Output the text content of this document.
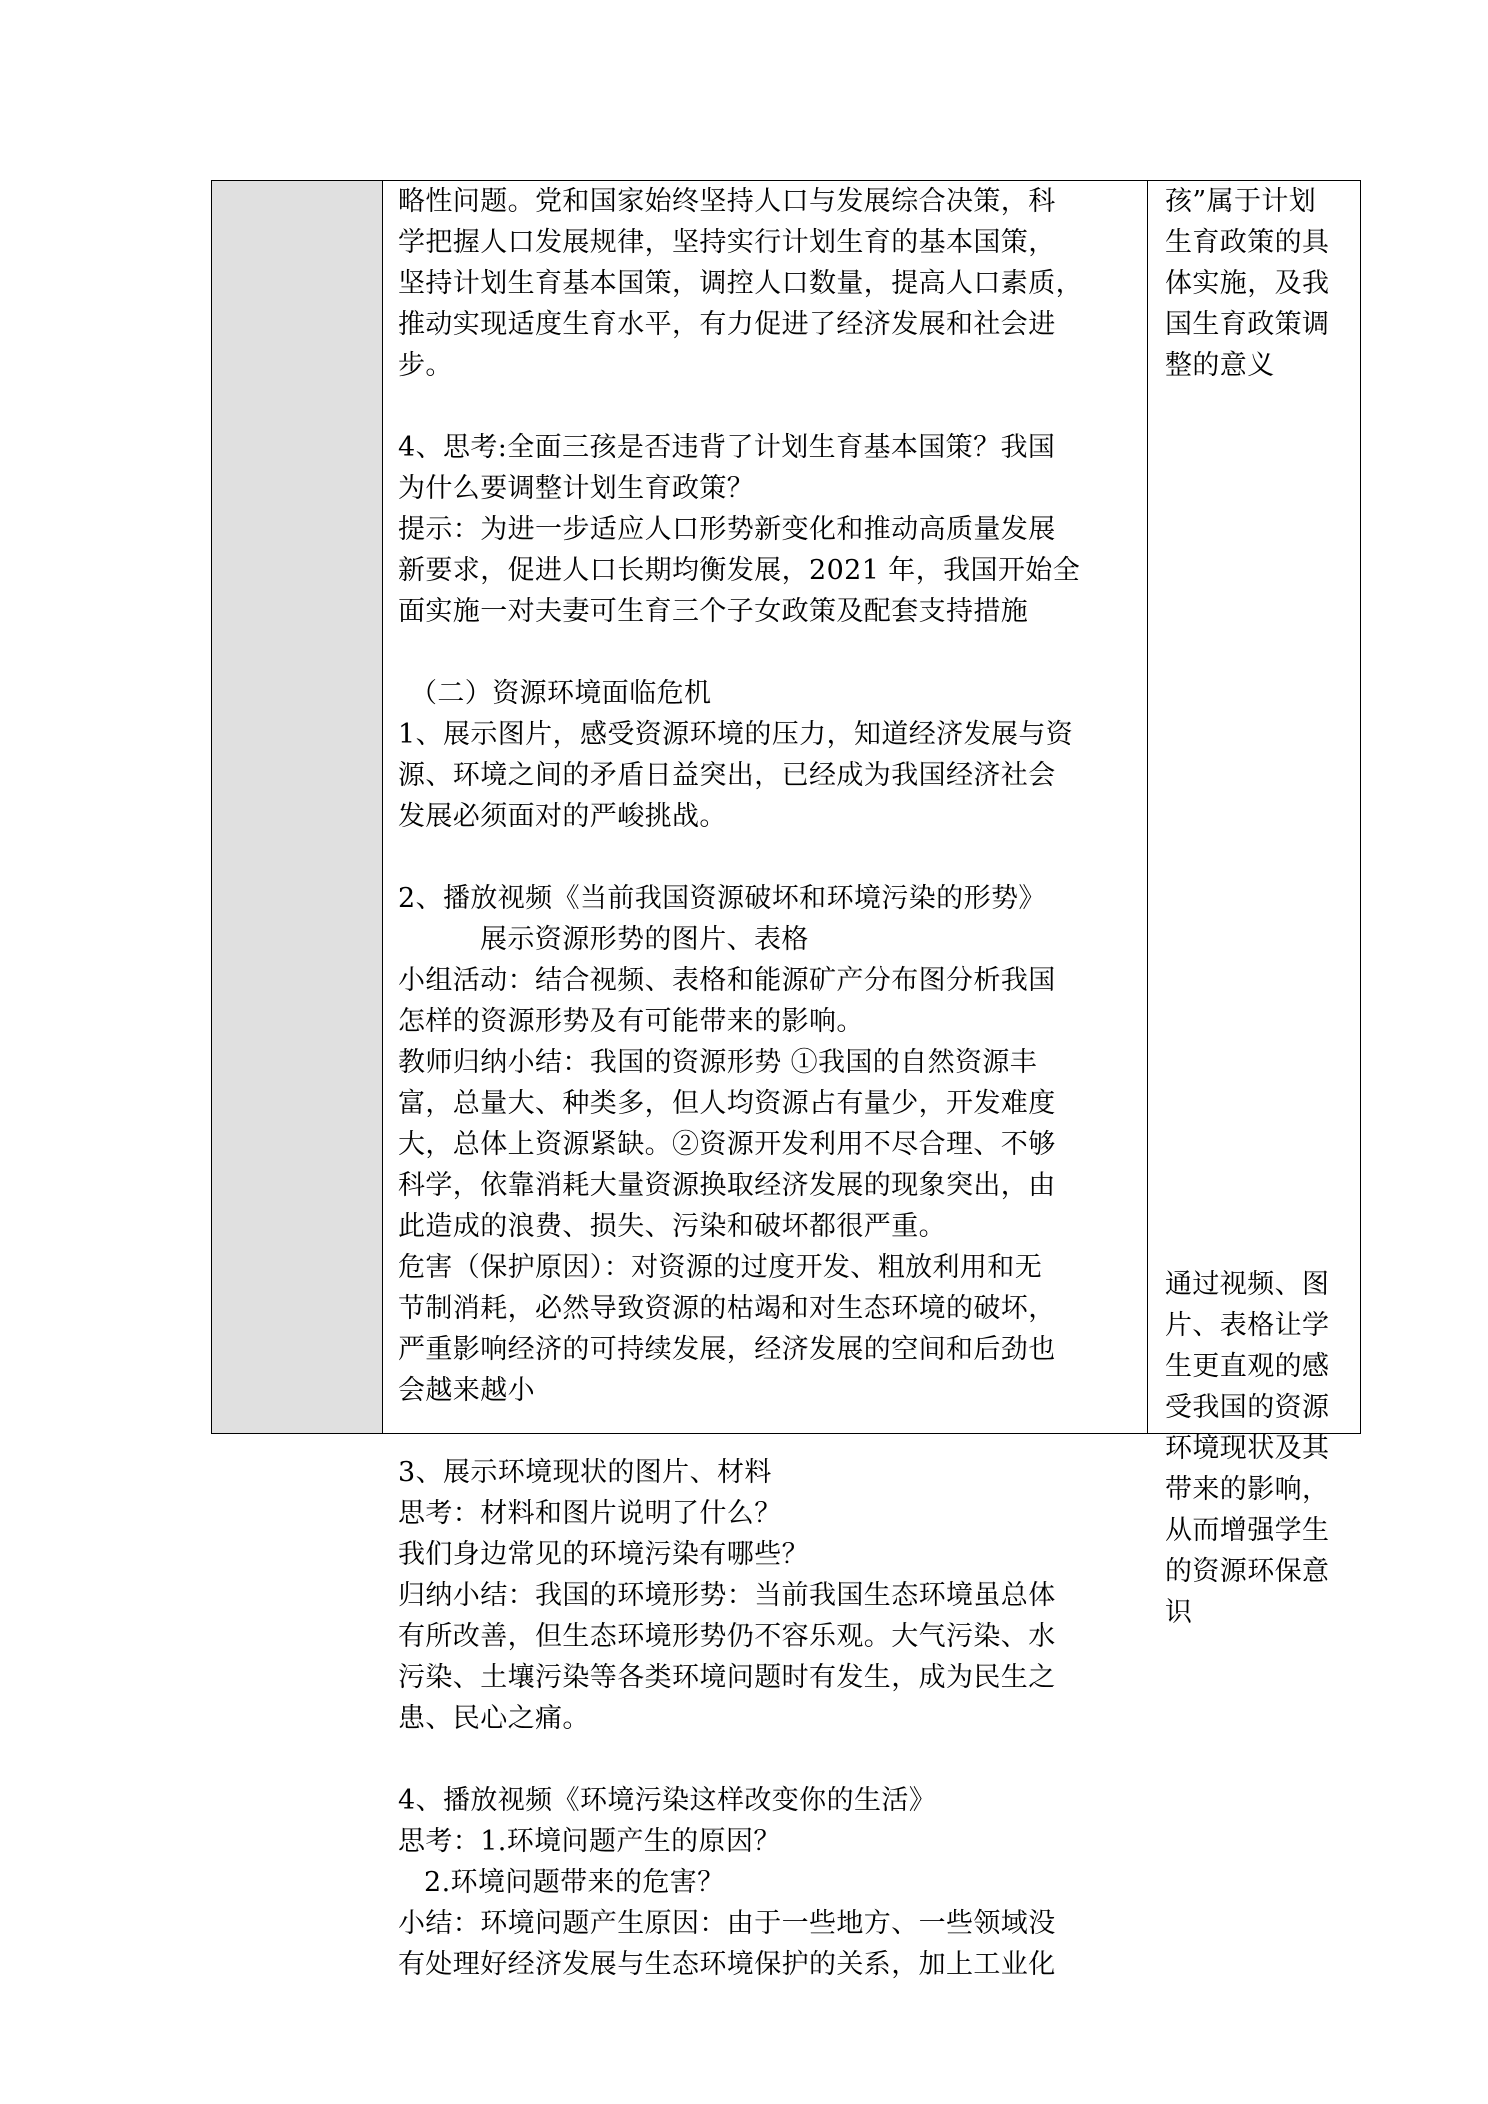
略性问题。党和国家始终坚持人口与发展综合决策，科
学把握人口发展规律，坚持实行计划生育的基本国策，
坚持计划生育基本国策，调控人口数量，提高人口素质，
推动实现适度生育水平，有力促进了经济发展和社会进
步。
4、思考:全面三孩是否违背了计划生育基本国策？我国
为什么要调整计划生育政策？
提示：为进一步适应人口形势新变化和推动高质量发展
新要求，促进人口长期均衡发展，2021 年，我国开始全
面实施一对夫妻可生育三个子女政策及配套支持措施
（二）资源环境面临危机
1、展示图片，感受资源环境的压力，知道经济发展与资
源、环境之间的矛盾日益突出，已经成为我国经济社会
发展必须面对的严峻挑战。
2、播放视频《当前我国资源破坏和环境污染的形势》
展示资源形势的图片、表格
小组活动：结合视频、表格和能源矿产分布图分析我国
怎样的资源形势及有可能带来的影响。
教师归纳小结：我国的资源形势 ①我国的自然资源丰
富，总量大、种类多，但人均资源占有量少，开发难度
大，总体上资源紧缺。②资源开发利用不尽合理、不够
科学，依靠消耗大量资源换取经济发展的现象突出，由
此造成的浪费、损失、污染和破坏都很严重。
危害（保护原因）：对资源的过度开发、粗放利用和无
节制消耗，必然导致资源的枯竭和对生态环境的破坏，
严重影响经济的可持续发展，经济发展的空间和后劲也
会越来越小
3、展示环境现状的图片、材料
思考：材料和图片说明了什么？
我们身边常见的环境污染有哪些？
归纳小结：我国的环境形势：当前我国生态环境虽总体
有所改善，但生态环境形势仍不容乐观。大气污染、水
污染、土壤污染等各类环境问题时有发生，成为民生之
患、民心之痛。
4、播放视频《环境污染这样改变你的生活》
思考：1.环境问题产生的原因？
2.环境问题带来的危害？
小结：环境问题产生原因：由于一些地方、一些领域没
有处理好经济发展与生态环境保护的关系，加上工业化
孩”属于计划
生育政策的具
体实施，及我
国生育政策调
整的意义
通过视频、图
片、表格让学
生更直观的感
受我国的资源
环境现状及其
带来的影响，
从而增强学生
的资源环保意
识
